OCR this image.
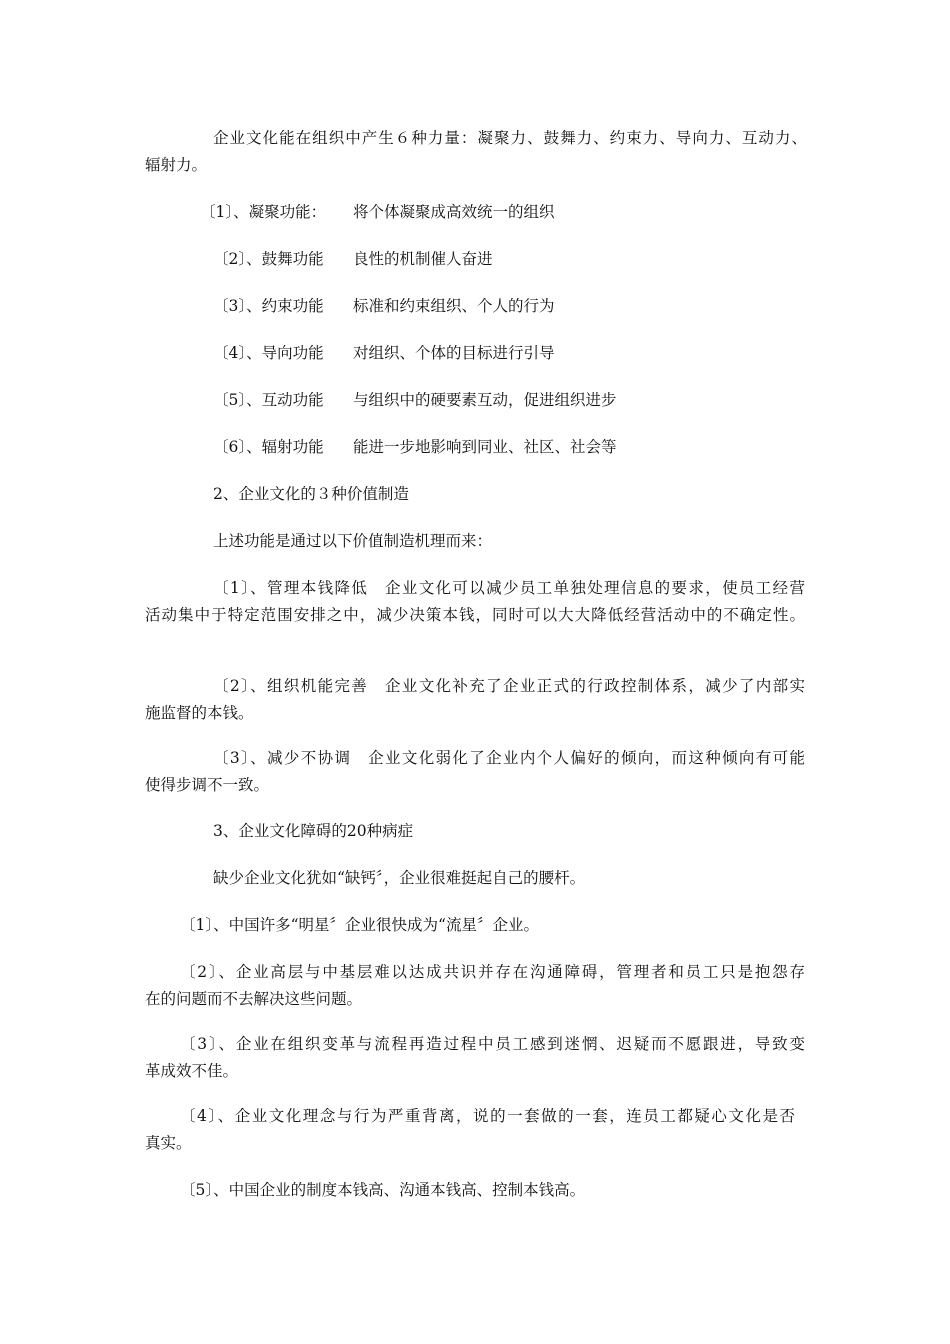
企业文化能在组织中产生６种力量：凝聚力、鼓舞力、约束力、导向力、互动力、

辐射力。

〔1〕、凝聚功能： 将个体凝聚成高效统一的组织

〔2〕、鼓舞功能 良性的机制催人奋进

〔3〕、约束功能 标准和约束组织、个人的行为

〔4〕、导向功能 对组织、个体的目标进行引导

〔5〕、互动功能 与组织中的硬要素互动，促进组织进步

〔6〕、辐射功能 能进一步地影响到同业、社区、社会等

2、企业文化的３种价值制造

上述功能是通过以下价值制造机理而来：

〔1〕、管理本钱降低　企业文化可以减少员工单独处理信息的要求，使员工经营

活动集中于特定范围安排之中，减少决策本钱，同时可以大大降低经营活动中的不确定性。

〔2〕、组织机能完善　企业文化补充了企业正式的行政控制体系，减少了内部实

施监督的本钱。

〔3〕、减少不协调　企业文化弱化了企业内个人偏好的倾向，而这种倾向有可能

使得步调不一致。

3、企业文化障碍的20种病症

缺少企业文化犹如“缺钙〞，企业很难挺起自己的腰杆。

〔1〕、中国许多“明星〞企业很快成为“流星〞企业。

〔2〕、企业高层与中基层难以达成共识并存在沟通障碍，管理者和员工只是抱怨存

在的问题而不去解决这些问题。

〔3〕、企业在组织变革与流程再造过程中员工感到迷惘、迟疑而不愿跟进，导致变

革成效不佳。

〔4〕、企业文化理念与行为严重背离，说的一套做的一套，连员工都疑心文化是否

真实。

〔5〕、中国企业的制度本钱高、沟通本钱高、控制本钱高。
